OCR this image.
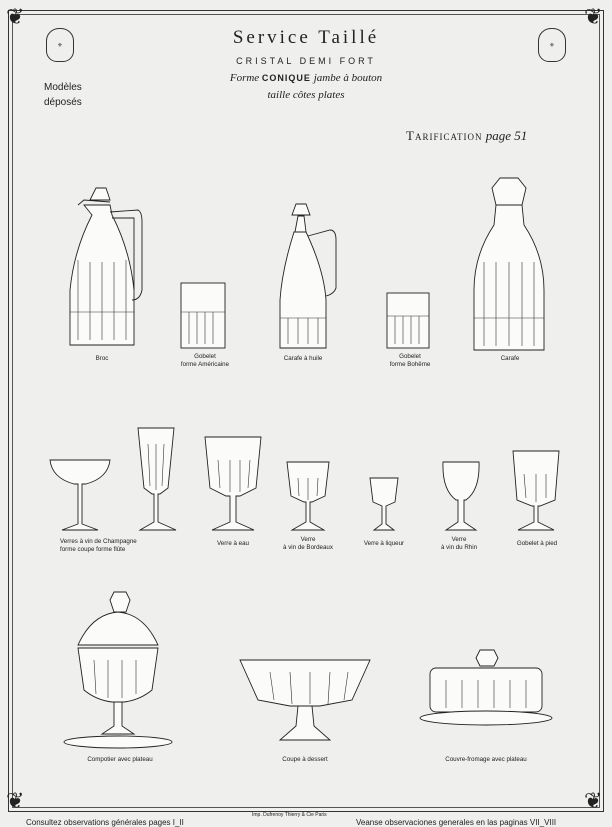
❦	❦
❦	❦
⚜	⚜
Service Taillé
CRISTAL DEMI FORT
Forme CONIQUE jambe à bouton
taille côtes plates
Modèles
déposés
Tarification page 51
Broc	Gobelet
forme Américaine
Carafe à huile	Gobelet
forme Bohême
Carafe
Verres à vin de Champagne
forme coupe forme flûte
Verre à eau
Verre
à vin de Bordeaux
Verre à liqueur
Verre
à vin du Rhin
Gobelet à pied
Compotier avec plateau	Coupe à dessert	Couvre-fromage avec plateau
Consultez observations générales pages I_II
Imp. Dufrenoy Thierry & Cie Paris
Veanse observaciones generales en las paginas VII_VIII
